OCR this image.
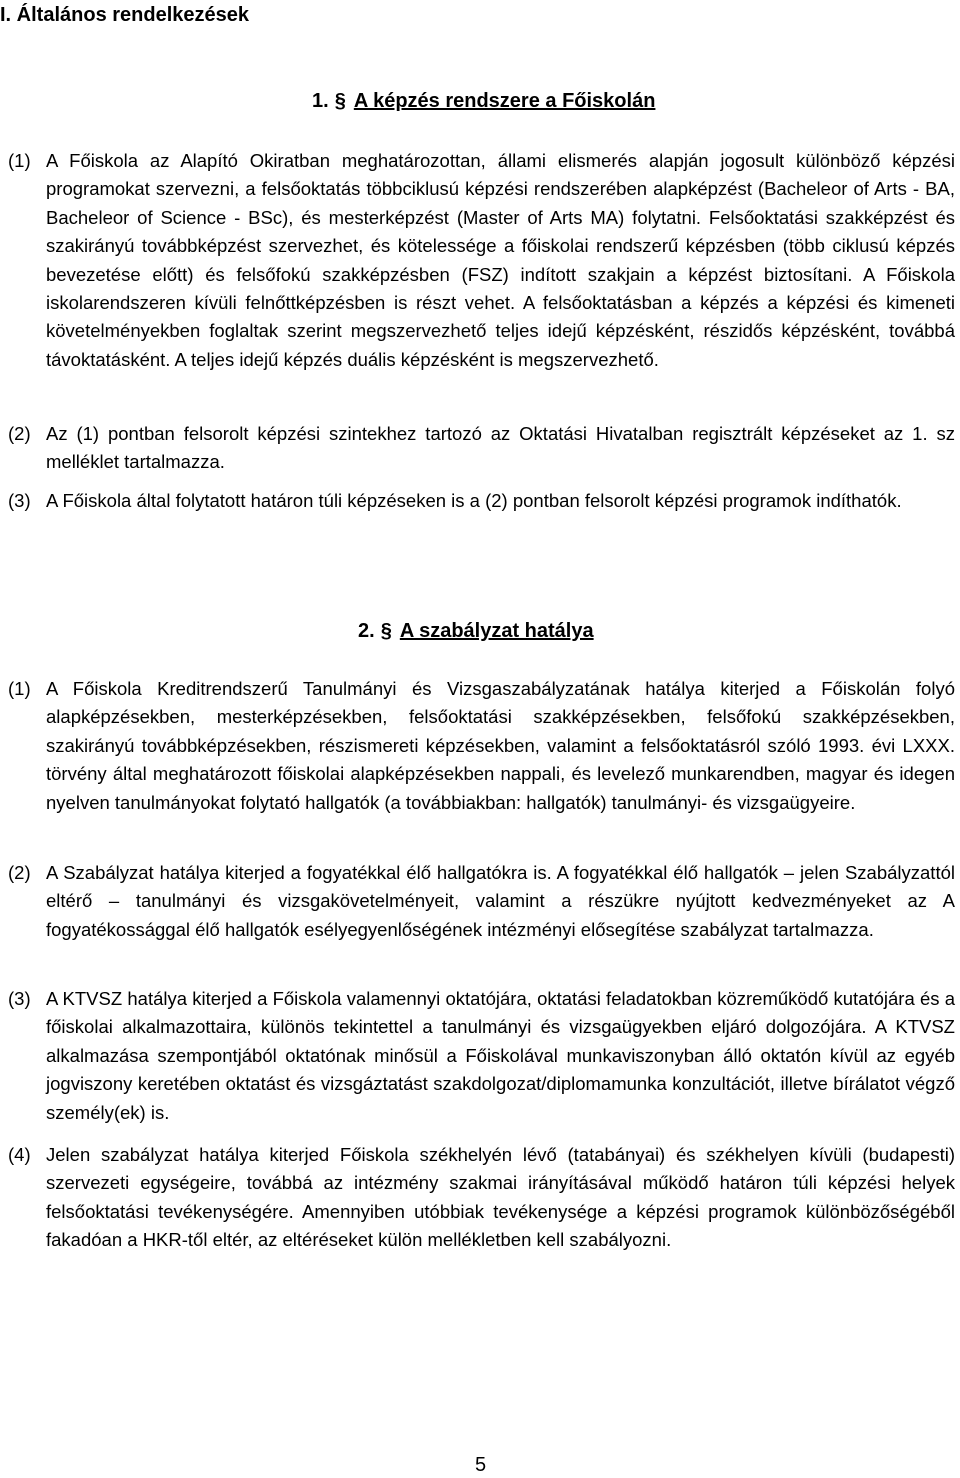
I. Általános rendelkezések
1. § A képzés rendszere a Főiskolán
(1) A Főiskola az Alapító Okiratban meghatározottan, állami elismerés alapján jogosult különböző képzési programokat szervezni, a felsőoktatás többciklusú képzési rendszerében alapképzést (Bacheleor of Arts - BA, Bacheleor of Science - BSc), és mesterképzést (Master of Arts MA) folytatni. Felsőoktatási szakképzést és szakirányú továbbképzést szervezhet, és kötelessége a főiskolai rendszerű képzésben (több ciklusú képzés bevezetése előtt) és felsőfokú szakképzésben (FSZ) indított szakjain a képzést biztosítani. A Főiskola iskolarendszeren kívüli felnőttképzésben is részt vehet. A felsőoktatásban a képzés a képzési és kimeneti követelményekben foglaltak szerint megszervezhető teljes idejű képzésként, részidős képzésként, továbbá távoktatásként. A teljes idejű képzés duális képzésként is megszervezhető.
(2) Az (1) pontban felsorolt képzési szintekhez tartozó az Oktatási Hivatalban regisztrált képzéseket az 1. sz melléklet tartalmazza.
(3) A Főiskola által folytatott határon túli képzéseken is a (2) pontban felsorolt képzési programok indíthatók.
2. § A szabályzat hatálya
(1) A Főiskola Kreditrendszerű Tanulmányi és Vizsgaszabályzatának hatálya kiterjed a Főiskolán folyó alapképzésekben, mesterképzésekben, felsőoktatási szakképzésekben, felsőfokú szakképzésekben, szakirányú továbbképzésekben, részismereti képzésekben, valamint a felsőoktatásról szóló 1993. évi LXXX. törvény által meghatározott főiskolai alapképzésekben nappali, és levelező munkarendben, magyar és idegen nyelven tanulmányokat folytató hallgatók (a továbbiakban: hallgatók) tanulmányi- és vizsgaügyeire.
(2) A Szabályzat hatálya kiterjed a fogyatékkal élő hallgatókra is. A fogyatékkal élő hallgatók – jelen Szabályzattól eltérő – tanulmányi és vizsgakövetelményeit, valamint a részükre nyújtott kedvezményeket az A fogyatékossággal élő hallgatók esélyegyenlőségének intézményi elősegítése szabályzat tartalmazza.
(3) A KTVSZ hatálya kiterjed a Főiskola valamennyi oktatójára, oktatási feladatokban közreműködő kutatójára és a főiskolai alkalmazottaira, különös tekintettel a tanulmányi és vizsgaügyekben eljáró dolgozójára. A KTVSZ alkalmazása szempontjából oktatónak minősül a Főiskolával munkaviszonyban álló oktatón kívül az egyéb jogviszony keretében oktatást és vizsgáztatást szakdolgozat/diplomamunka konzultációt, illetve bírálatot végző személy(ek) is.
(4) Jelen szabályzat hatálya kiterjed Főiskola székhelyén lévő (tatabányai) és székhelyen kívüli (budapesti) szervezeti egységeire, továbbá az intézmény szakmai irányításával működő határon túli képzési helyek felsőoktatási tevékenységére. Amennyiben utóbbiak tevékenysége a képzési programok különbözőségéből fakadóan a HKR-től eltér, az eltéréseket külön mellékletben kell szabályozni.
5
